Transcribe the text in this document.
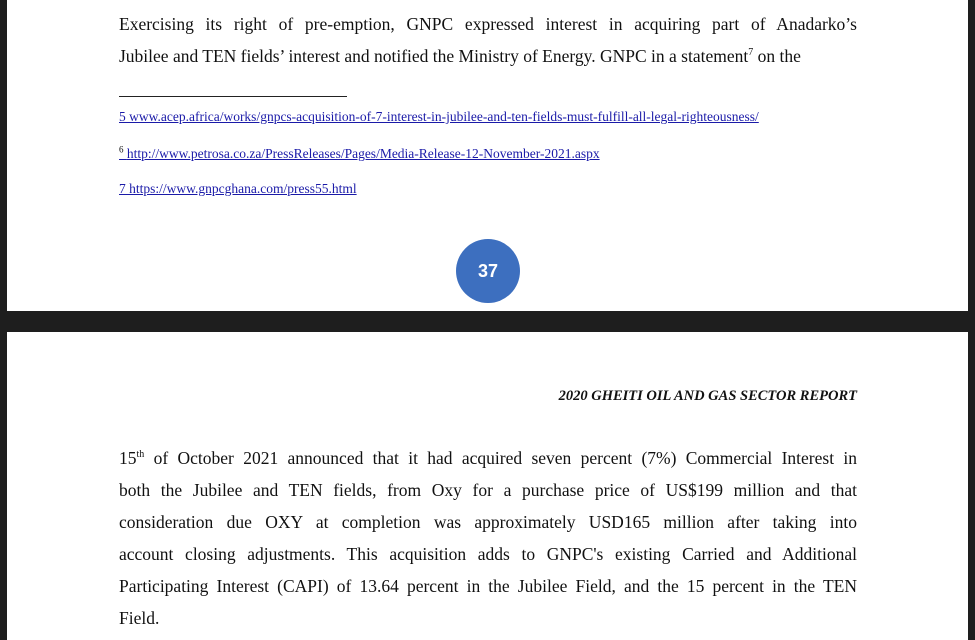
Exercising its right of pre-emption, GNPC expressed interest in acquiring part of Anadarko’s
Jubilee and TEN fields’ interest and notified the Ministry of Energy. GNPC in a statement$^7$ on the

5 www.acep.africa/works/gnpcs-acquisition-of-7-interest-in-jubilee-and-ten-fields-must-fulfill-all-legal-righteousness/
$^6$ http://www.petrosa.co.za/PressReleases/Pages/Media-Release-12-November-2021.aspx
7 https://www.gnpcghana.com/press55.html
37
2020 GHEITI OIL AND GAS SECTOR REPORT

15th of October 2021 announced that it had acquired seven percent (7%) Commercial Interest in
both the Jubilee and TEN fields, from Oxy for a purchase price of US$199 million and that
consideration due OXY at completion was approximately USD165 million after taking into
account closing adjustments. This acquisition adds to GNPC's existing Carried and Additional
Participating Interest (CAPI) of 13.64 percent in the Jubilee Field, and the 15 percent in the TEN
Field.
